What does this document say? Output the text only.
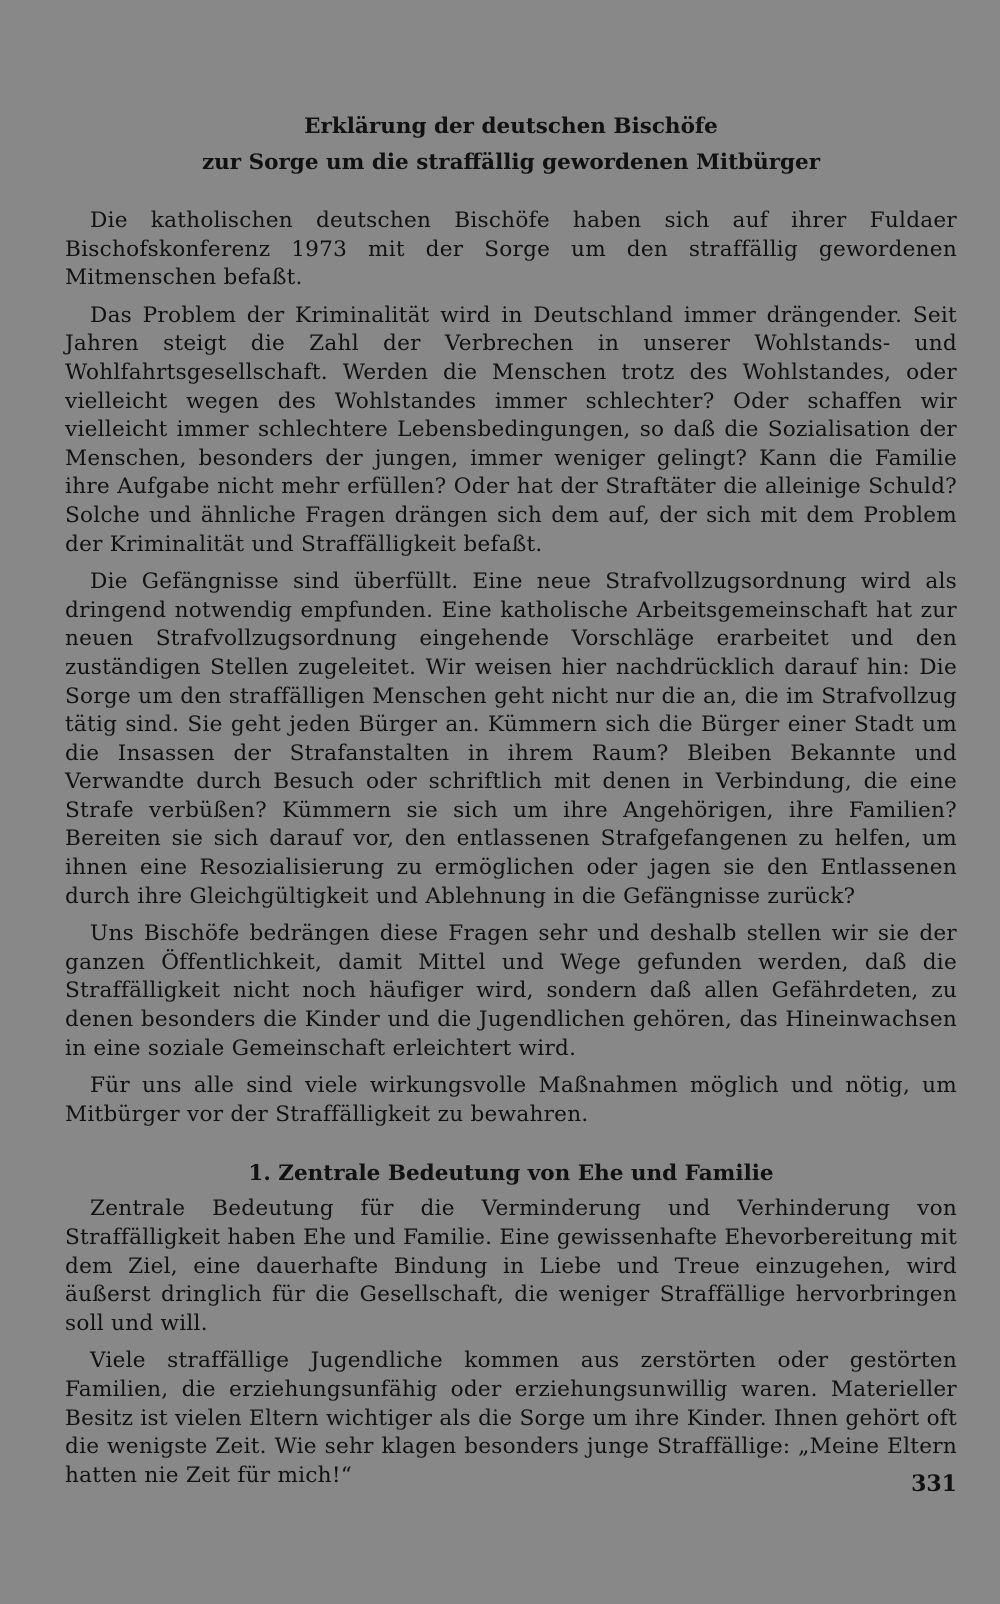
Erklärung der deutschen Bischöfe
zur Sorge um die straffällig gewordenen Mitbürger

Die katholischen deutschen Bischöfe haben sich auf ihrer Fuldaer Bischofskonferenz 1973 mit der Sorge um den straffällig gewordenen Mitmenschen befaßt.

Das Problem der Kriminalität wird in Deutschland immer drängender. Seit Jahren steigt die Zahl der Verbrechen in unserer Wohlstands- und Wohlfahrtsgesellschaft. Werden die Menschen trotz des Wohlstandes, oder vielleicht wegen des Wohlstandes immer schlechter? Oder schaffen wir vielleicht immer schlechtere Lebensbedingungen, so daß die Sozialisation der Menschen, besonders der jungen, immer weniger gelingt? Kann die Familie ihre Aufgabe nicht mehr erfüllen? Oder hat der Straftäter die alleinige Schuld? Solche und ähnliche Fragen drängen sich dem auf, der sich mit dem Problem der Kriminalität und Straffälligkeit befaßt.

Die Gefängnisse sind überfüllt. Eine neue Strafvollzugsordnung wird als dringend notwendig empfunden. Eine katholische Arbeitsgemeinschaft hat zur neuen Strafvollzugsordnung eingehende Vorschläge erarbeitet und den zuständigen Stellen zugeleitet. Wir weisen hier nachdrücklich darauf hin: Die Sorge um den straffälligen Menschen geht nicht nur die an, die im Strafvollzug tätig sind. Sie geht jeden Bürger an. Kümmern sich die Bürger einer Stadt um die Insassen der Strafanstalten in ihrem Raum? Bleiben Bekannte und Verwandte durch Besuch oder schriftlich mit denen in Verbindung, die eine Strafe verbüßen? Kümmern sie sich um ihre Angehörigen, ihre Familien? Bereiten sie sich darauf vor, den entlassenen Strafgefangenen zu helfen, um ihnen eine Resozialisierung zu ermöglichen oder jagen sie den Entlassenen durch ihre Gleichgültigkeit und Ablehnung in die Gefängnisse zurück?

Uns Bischöfe bedrängen diese Fragen sehr und deshalb stellen wir sie der ganzen Öffentlichkeit, damit Mittel und Wege gefunden werden, daß die Straffälligkeit nicht noch häufiger wird, sondern daß allen Gefährdeten, zu denen besonders die Kinder und die Jugendlichen gehören, das Hineinwachsen in eine soziale Gemeinschaft erleichtert wird.

Für uns alle sind viele wirkungsvolle Maßnahmen möglich und nötig, um Mitbürger vor der Straffälligkeit zu bewahren.

1. Zentrale Bedeutung von Ehe und Familie

Zentrale Bedeutung für die Verminderung und Verhinderung von Straffälligkeit haben Ehe und Familie. Eine gewissenhafte Ehevorbereitung mit dem Ziel, eine dauerhafte Bindung in Liebe und Treue einzugehen, wird äußerst dringlich für die Gesellschaft, die weniger Straffällige hervorbringen soll und will.

Viele straffällige Jugendliche kommen aus zerstörten oder gestörten Familien, die erziehungsunfähig oder erziehungsunwillig waren. Materieller Besitz ist vielen Eltern wichtiger als die Sorge um ihre Kinder. Ihnen gehört oft die wenigste Zeit. Wie sehr klagen besonders junge Straffällige: „Meine Eltern hatten nie Zeit für mich!“	331
